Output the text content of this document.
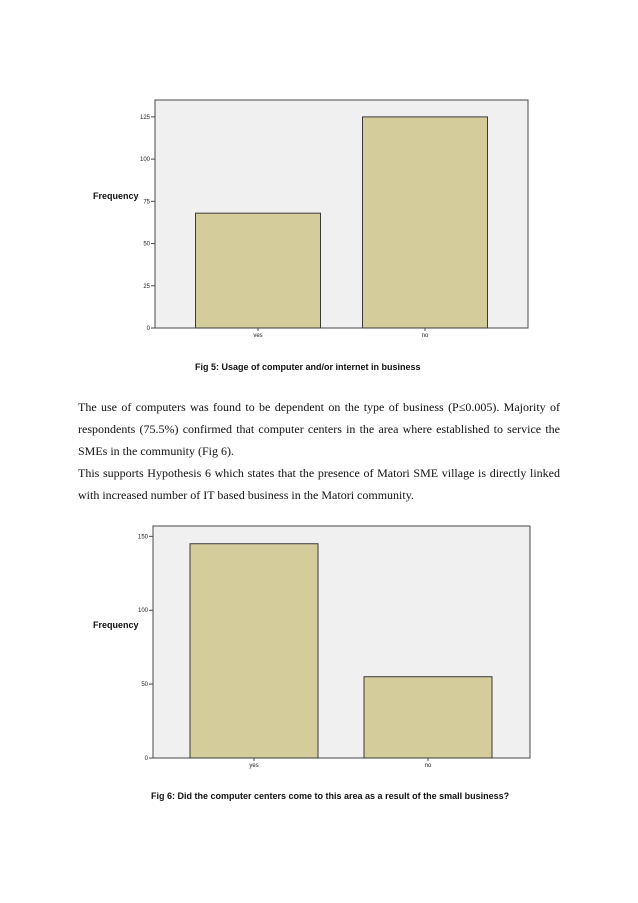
Frequency
0
25
50
75
100
125
yes	no
Fig 5: Usage of computer and/or internet in business

The use of computers was found to be dependent on the type of business (P≤0.005). Majority of respondents (75.5%) confirmed that computer centers in the area where established to service the SMEs in the community (Fig 6).

This supports Hypothesis 6 which states that the presence of Matori SME village is directly linked with increased number of IT based business in the Matori community.

Frequency
0
50
100
150
yes	no
Fig 6: Did the computer centers come to this area as a result of the small business?
